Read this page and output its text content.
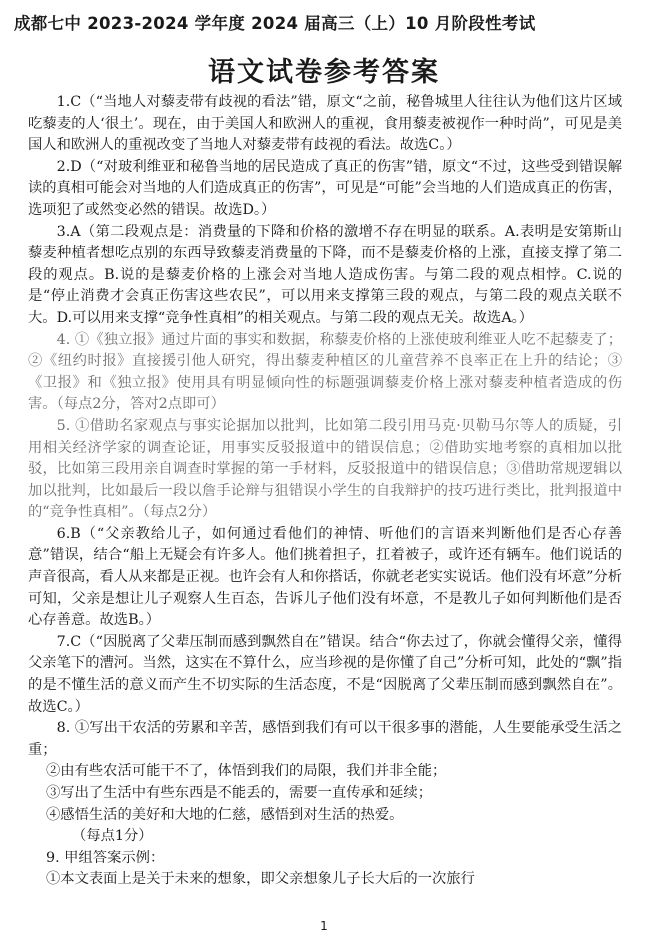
成都七中 2023-2024 学年度 2024 届高三（上）10 月阶段性考试
语文试卷参考答案

1.C（“当地人对藜麦带有歧视的看法”错，原文“之前，秘鲁城里人往往认为他们这片区域吃藜麦的人‘很土’。现在，由于美国人和欧洲人的重视，食用藜麦被视作一种时尚”，可见是美国人和欧洲人的重视改变了当地人对藜麦带有歧视的看法。故选C。）

2.D（“对玻利维亚和秘鲁当地的居民造成了真正的伤害”错，原文“不过，这些受到错误解读的真相可能会对当地的人们造成真正的伤害”，可见是“可能”会当地的人们造成真正的伤害，选项犯了或然变必然的错误。故选D。）

3.A（第二段观点是：消费量的下降和价格的激增不存在明显的联系。A.表明是安第斯山藜麦种植者想吃点别的东西导致藜麦消费量的下降，而不是藜麦价格的上涨，直接支撑了第二段的观点。B.说的是藜麦价格的上涨会对当地人造成伤害。与第二段的观点相悖。C.说的是“停止消费才会真正伤害这些农民”，可以用来支撑第三段的观点，与第二段的观点关联不大。D.可以用来支撑“竞争性真相”的相关观点。与第二段的观点无关。故选A。）

4. ①《独立报》通过片面的事实和数据，称藜麦价格的上涨使玻利维亚人吃不起藜麦了；②《纽约时报》直接援引他人研究，得出藜麦种植区的儿童营养不良率正在上升的结论；③《卫报》和《独立报》使用具有明显倾向性的标题强调藜麦价格上涨对藜麦种植者造成的伤害。（每点2分，答对2点即可）

5. ①借助名家观点与事实论据加以批判，比如第二段引用马克·贝勒马尔等人的质疑，引用相关经济学家的调查论证，用事实反驳报道中的错误信息；②借助实地考察的真相加以批驳，比如第三段用亲自调查时掌握的第一手材料，反驳报道中的错误信息；③借助常规逻辑以加以批判，比如最后一段以詹手论辩与狙错误小学生的自我辩护的技巧进行类比，批判报道中的“竞争性真相”。（每点2分）

6.B（“父亲教给儿子，如何通过看他们的神情、听他们的言语来判断他们是否心存善意”错误，结合“船上无疑会有许多人。他们挑着担子，扛着被子，或许还有辆车。他们说话的声音很高，看人从来都是正视。也许会有人和你搭话，你就老老实实说话。他们没有坏意”分析可知，父亲是想让儿子观察人生百态，告诉儿子他们没有坏意，不是教儿子如何判断他们是否心存善意。故选B。）

7.C（“因脱离了父辈压制而感到飘然自在”错误。结合“你去过了，你就会懂得父亲，懂得父亲笔下的漕河。当然，这实在不算什么，应当珍视的是你懂了自己”分析可知，此处的“飘”指的是不懂生活的意义而产生不切实际的生活态度，不是“因脱离了父辈压制而感到飘然自在”。故选C。）

8. ①写出干农活的劳累和辛苦，感悟到我们有可以干很多事的潜能，人生要能承受生活之重；

②由有些农活可能干不了，体悟到我们的局限，我们并非全能；

③写出了生活中有些东西是不能丢的，需要一直传承和延续；

④感悟生活的美好和大地的仁慈，感悟到对生活的热爱。

（每点1分）

9. 甲组答案示例：

①本文表面上是关于未来的想象，即父亲想象儿子长大后的一次旅行

1
